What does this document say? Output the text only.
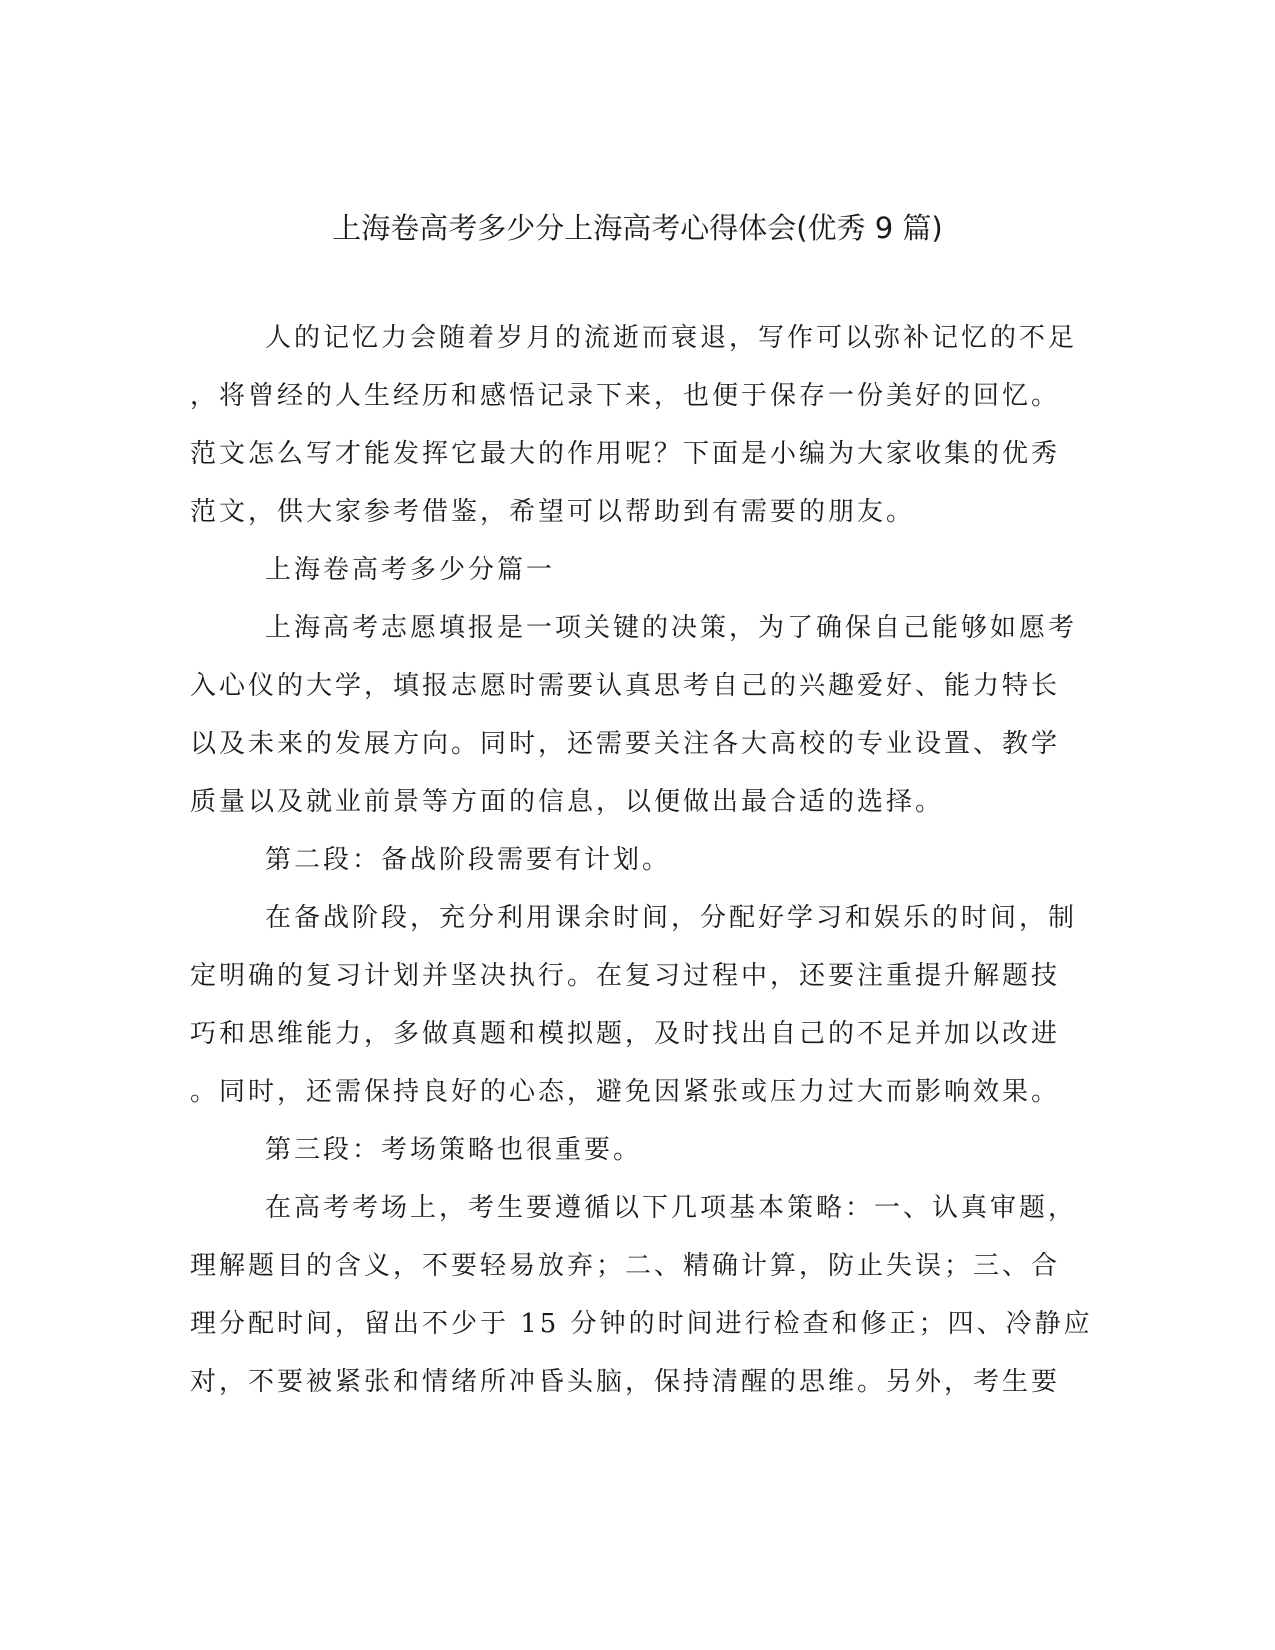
上海卷高考多少分上海高考心得体会(优秀 9 篇)
人的记忆力会随着岁月的流逝而衰退，写作可以弥补记忆的不足
，将曾经的人生经历和感悟记录下来，也便于保存一份美好的回忆。
范文怎么写才能发挥它最大的作用呢？下面是小编为大家收集的优秀
范文，供大家参考借鉴，希望可以帮助到有需要的朋友。
上海卷高考多少分篇一
上海高考志愿填报是一项关键的决策，为了确保自己能够如愿考
入心仪的大学，填报志愿时需要认真思考自己的兴趣爱好、能力特长
以及未来的发展方向。同时，还需要关注各大高校的专业设置、教学
质量以及就业前景等方面的信息，以便做出最合适的选择。
第二段：备战阶段需要有计划。
在备战阶段，充分利用课余时间，分配好学习和娱乐的时间，制
定明确的复习计划并坚决执行。在复习过程中，还要注重提升解题技
巧和思维能力，多做真题和模拟题，及时找出自己的不足并加以改进
。同时，还需保持良好的心态，避免因紧张或压力过大而影响效果。
第三段：考场策略也很重要。
在高考考场上，考生要遵循以下几项基本策略：一、认真审题，
理解题目的含义，不要轻易放弃；二、精确计算，防止失误；三、合
理分配时间，留出不少于 15 分钟的时间进行检查和修正；四、冷静应
对，不要被紧张和情绪所冲昏头脑，保持清醒的思维。另外，考生要
